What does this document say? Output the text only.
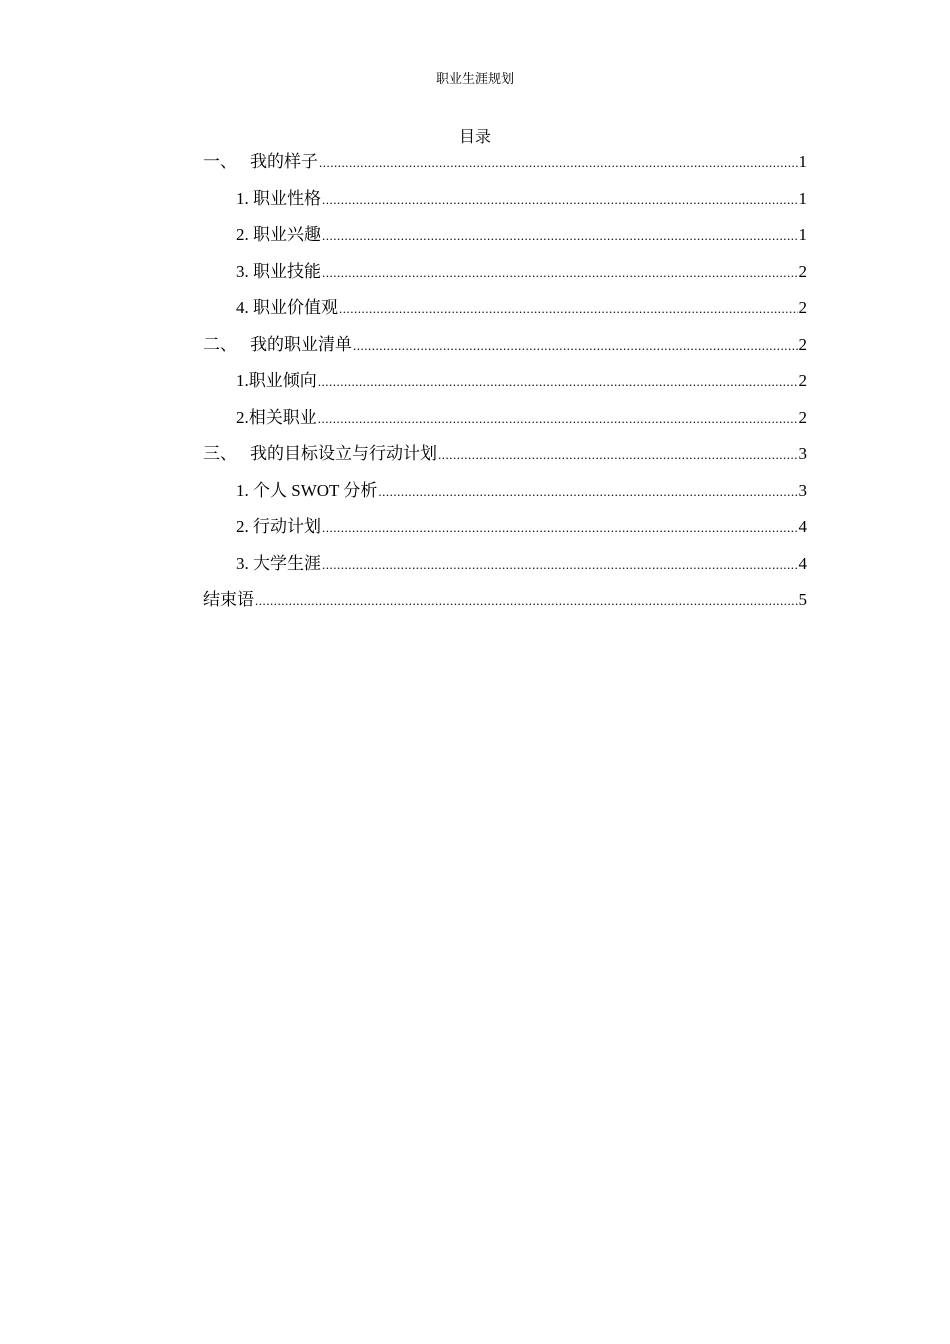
职业生涯规划
目录
一、 我的样子 .....	1
1. 职业性格 .....	1
2. 职业兴趣 .....	1
3. 职业技能 .....	2
4. 职业价值观 .....	2
二、 我的职业清单 .....	2
1.职业倾向 .....	2
2.相关职业 .....	2
三、 我的目标设立与行动计划 .....	3
1. 个人 SWOT 分析 .....	3
2. 行动计划 .....	4
3. 大学生涯 .....	4
结束语 .....	5
